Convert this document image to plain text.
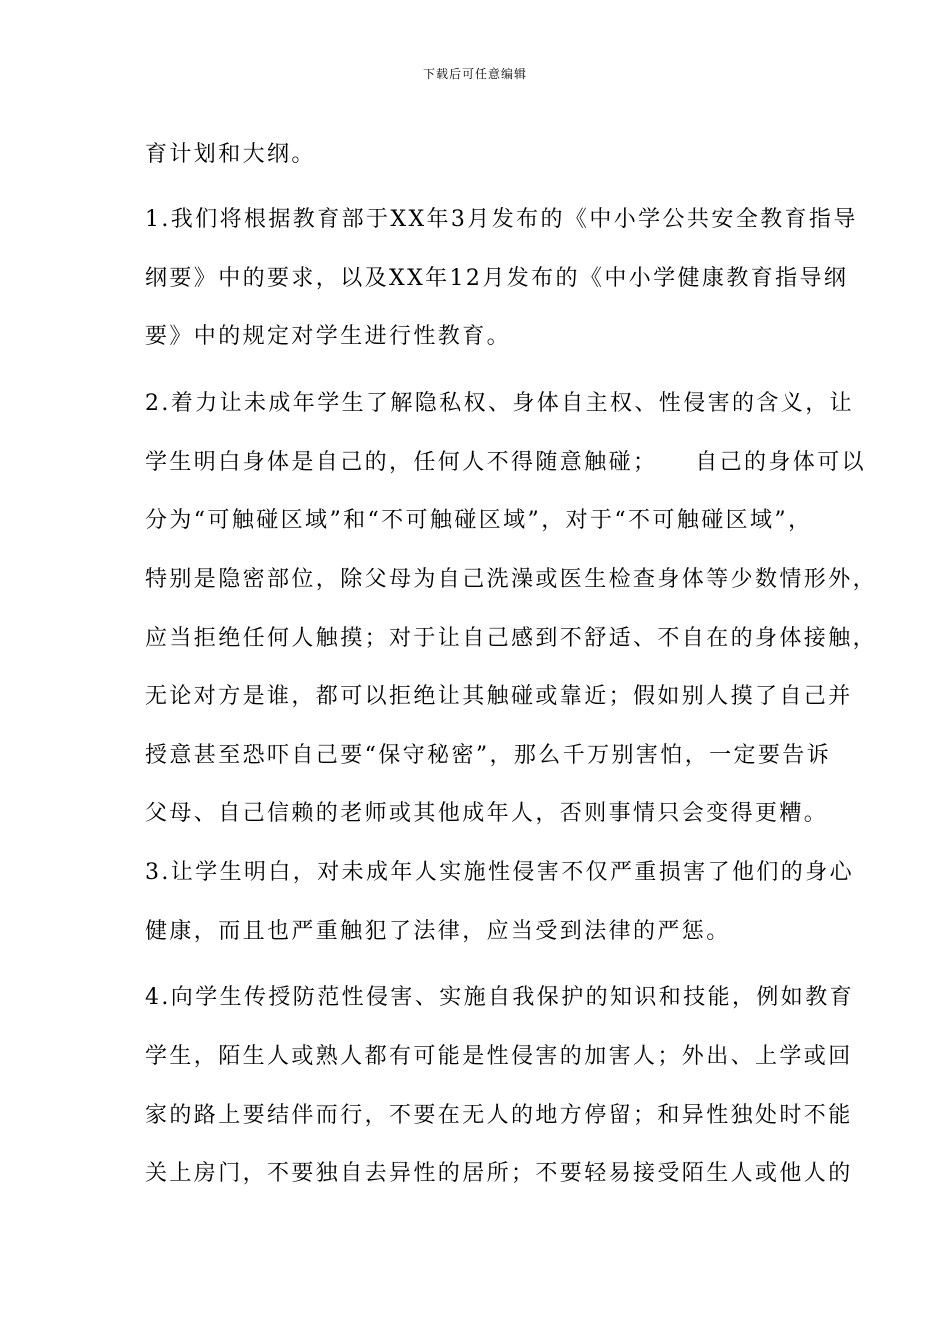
下载后可任意编辑
育计划和大纲。
1.我们将根据教育部于XX年3月发布的《中小学公共安全教育指导
纲要》中的要求，以及XX年12月发布的《中小学健康教育指导纲
要》中的规定对学生进行性教育。
2.着力让未成年学生了解隐私权、身体自主权、性侵害的含义，让
学生明白身体是自己的，任何人不得随意触碰；　　自己的身体可以
分为“可触碰区域”和“不可触碰区域”，对于“不可触碰区域”，
特别是隐密部位，除父母为自己洗澡或医生检查身体等少数情形外，
应当拒绝任何人触摸；对于让自己感到不舒适、不自在的身体接触，
无论对方是谁，都可以拒绝让其触碰或靠近；假如别人摸了自己并
授意甚至恐吓自己要“保守秘密”，那么千万别害怕，一定要告诉
父母、自己信赖的老师或其他成年人，否则事情只会变得更糟。
3.让学生明白，对未成年人实施性侵害不仅严重损害了他们的身心
健康，而且也严重触犯了法律，应当受到法律的严惩。
4.向学生传授防范性侵害、实施自我保护的知识和技能，例如教育
学生，陌生人或熟人都有可能是性侵害的加害人；外出、上学或回
家的路上要结伴而行，不要在无人的地方停留；和异性独处时不能
关上房门，不要独自去异性的居所；不要轻易接受陌生人或他人的
